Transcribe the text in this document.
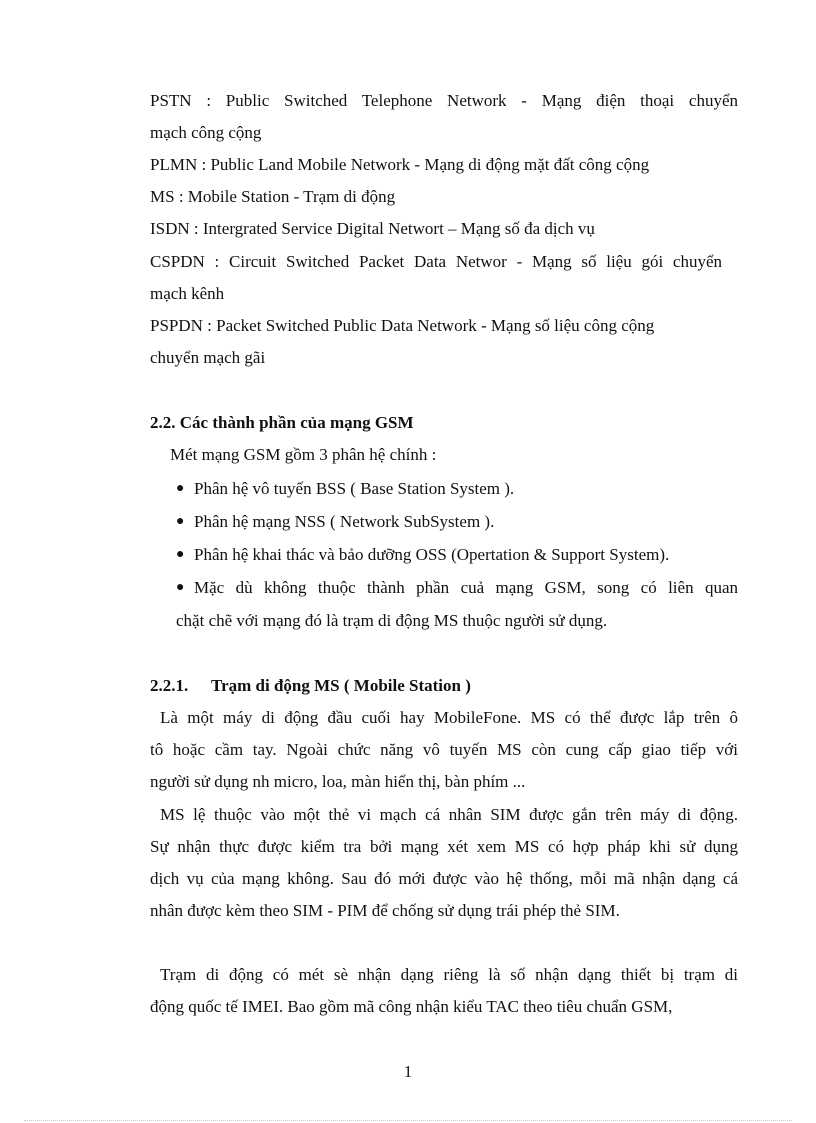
PSTN : Public Switched Telephone Network - Mạng điện thoại chuyển
mạch công cộng
PLMN : Public Land Mobile Network - Mạng di động mặt đất công cộng
MS : Mobile Station - Trạm di động
ISDN : Intergrated Service Digital Networt – Mạng số đa dịch vụ
CSPDN : Circuit Switched Packet Data Networ - Mạng số liệu gói chuyển
mạch kênh
PSPDN : Packet Switched Public Data Network - Mạng số liệu công cộng
chuyển mạch gãi
2.2. Các thành phần của mạng GSM
Mét mạng GSM gồm 3 phân hệ chính :
● Phân hệ vô tuyến BSS ( Base Station System ).
● Phân hệ mạng NSS ( Network SubSystem ).
● Phân hệ khai thác và bảo dưỡng OSS (Opertation & Support System).
● Mặc dù không thuộc thành phần cuả mạng GSM, song có liên quan
chặt chẽ với mạng đó là trạm di động MS thuộc người sử dụng.
2.2.1. Trạm di động MS ( Mobile Station )
Là một máy di động đầu cuối hay MobileFone. MS có thể được lắp trên ô
tô hoặc cầm tay. Ngoài chức năng vô tuyến MS còn cung cấp giao tiếp với
người sử dụng nh micro, loa, màn hiển thị, bàn phím ...
MS lệ thuộc vào một thẻ vi mạch cá nhân SIM được gắn trên máy di động.
Sự nhận thực được kiểm tra bởi mạng xét xem MS có hợp pháp khi sử dụng
dịch vụ của mạng không. Sau đó mới được vào hệ thống, mỗi mã nhận dạng cá
nhân được kèm theo SIM - PIM để chống sử dụng trái phép thẻ SIM.
Trạm di động có mét sè nhận dạng riêng là số nhận dạng thiết bị trạm di
động quốc tế IMEI. Bao gồm mã công nhận kiểu TAC theo tiêu chuẩn GSM,
1
